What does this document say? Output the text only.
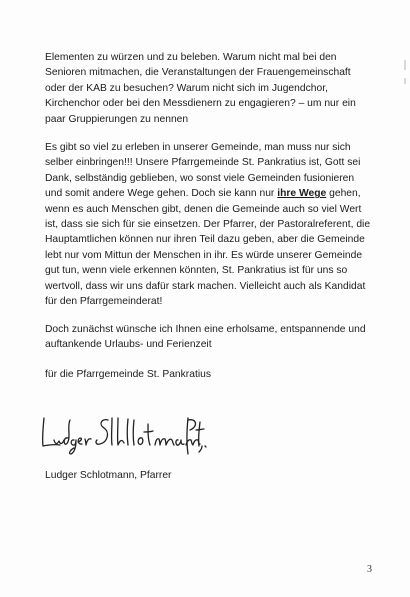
Elementen zu würzen und zu beleben. Warum nicht mal bei den
Senioren mitmachen, die Veranstaltungen der Frauengemeinschaft
oder der KAB zu besuchen? Warum nicht sich im Jugendchor,
Kirchenchor oder bei den Messdienern zu engagieren? – um nur ein
paar Gruppierungen zu nennen

Es gibt so viel zu erleben in unserer Gemeinde, man muss nur sich
selber einbringen!!! Unsere Pfarrgemeinde St. Pankratius ist, Gott sei
Dank, selbständig geblieben, wo sonst viele Gemeinden fusionieren
und somit andere Wege gehen. Doch sie kann nur ihre Wege gehen,
wenn es auch Menschen gibt, denen die Gemeinde auch so viel Wert
ist, dass sie sich für sie einsetzen. Der Pfarrer, der Pastoralreferent, die
Hauptamtlichen können nur ihren Teil dazu geben, aber die Gemeinde
lebt nur vom Mittun der Menschen in ihr. Es würde unserer Gemeinde
gut tun, wenn viele erkennen könnten, St. Pankratius ist für uns so
wertvoll, dass wir uns dafür stark machen. Vielleicht auch als Kandidat
für den Pfarrgemeinderat!

Doch zunächst wünsche ich Ihnen eine erholsame, entspannende und
auftankende Urlaubs- und Ferienzeit

für die Pfarrgemeinde St. Pankratius

Ludger Schlotmann, Pfarrer

3
